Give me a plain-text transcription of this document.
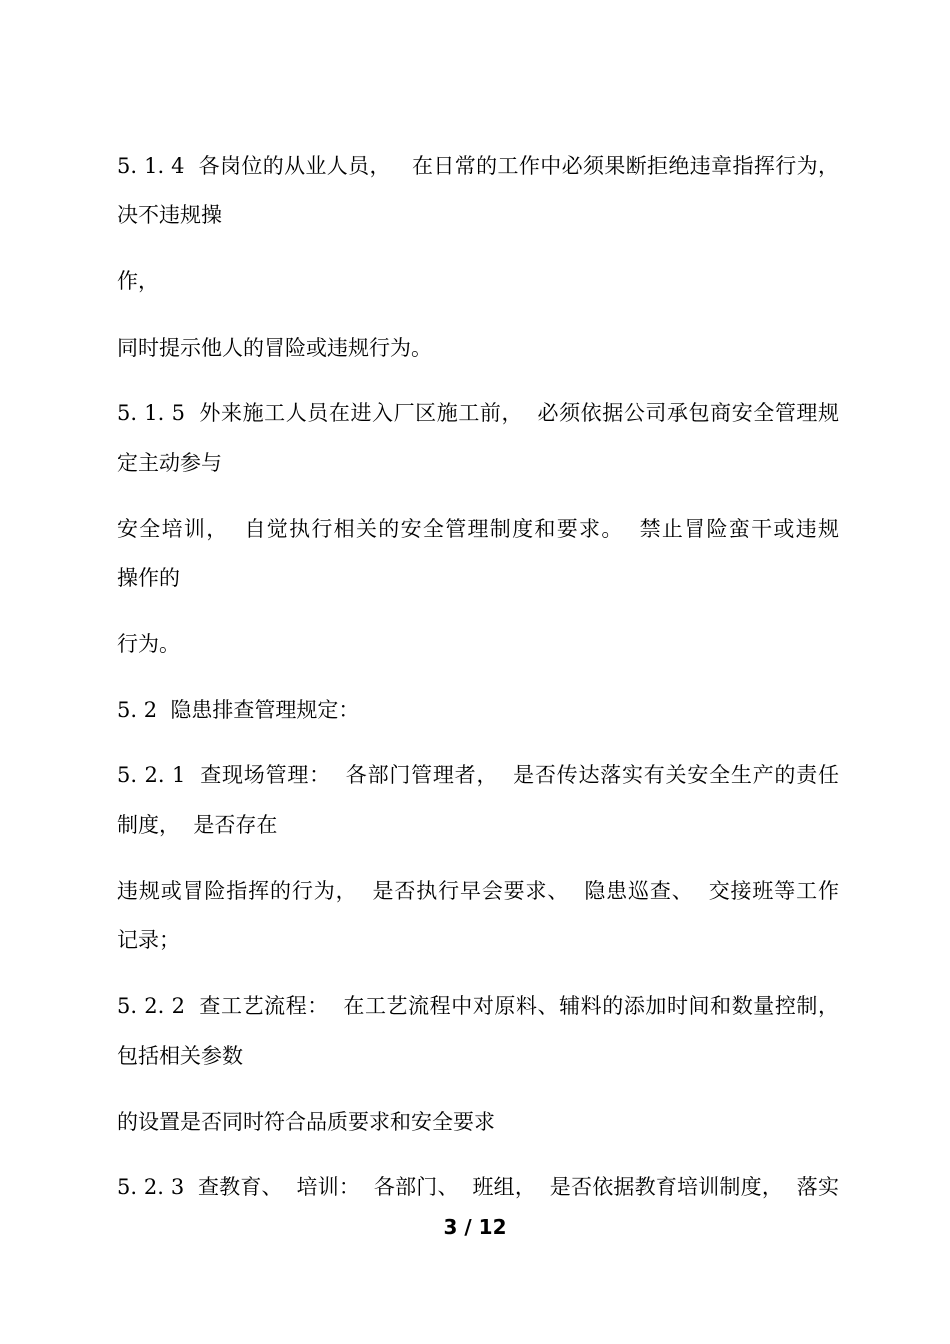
5. 1. 4  各岗位的从业人员，   在日常的工作中必须果断拒绝违章指挥行为，
决不违规操
作，
同时提示他人的冒险或违规行为。
5. 1. 5  外来施工人员在进入厂区施工前，  必须依据公司承包商安全管理规
定主动参与
安全培训，  自觉执行相关的安全管理制度和要求。  禁止冒险蛮干或违规
操作的
行为。
5. 2  隐患排查管理规定：
5. 2. 1  查现场管理：  各部门管理者，  是否传达落实有关安全生产的责任
制度，  是否存在
违规或冒险指挥的行为，  是否执行早会要求、  隐患巡查、  交接班等工作
记录；
5. 2. 2  查工艺流程：  在工艺流程中对原料、辅料的添加时间和数量控制，
包括相关参数
的设置是否同时符合品质要求和安全要求
5. 2. 3  查教育、  培训：  各部门、  班组，  是否依据教育培训制度，  落实
3 / 12
